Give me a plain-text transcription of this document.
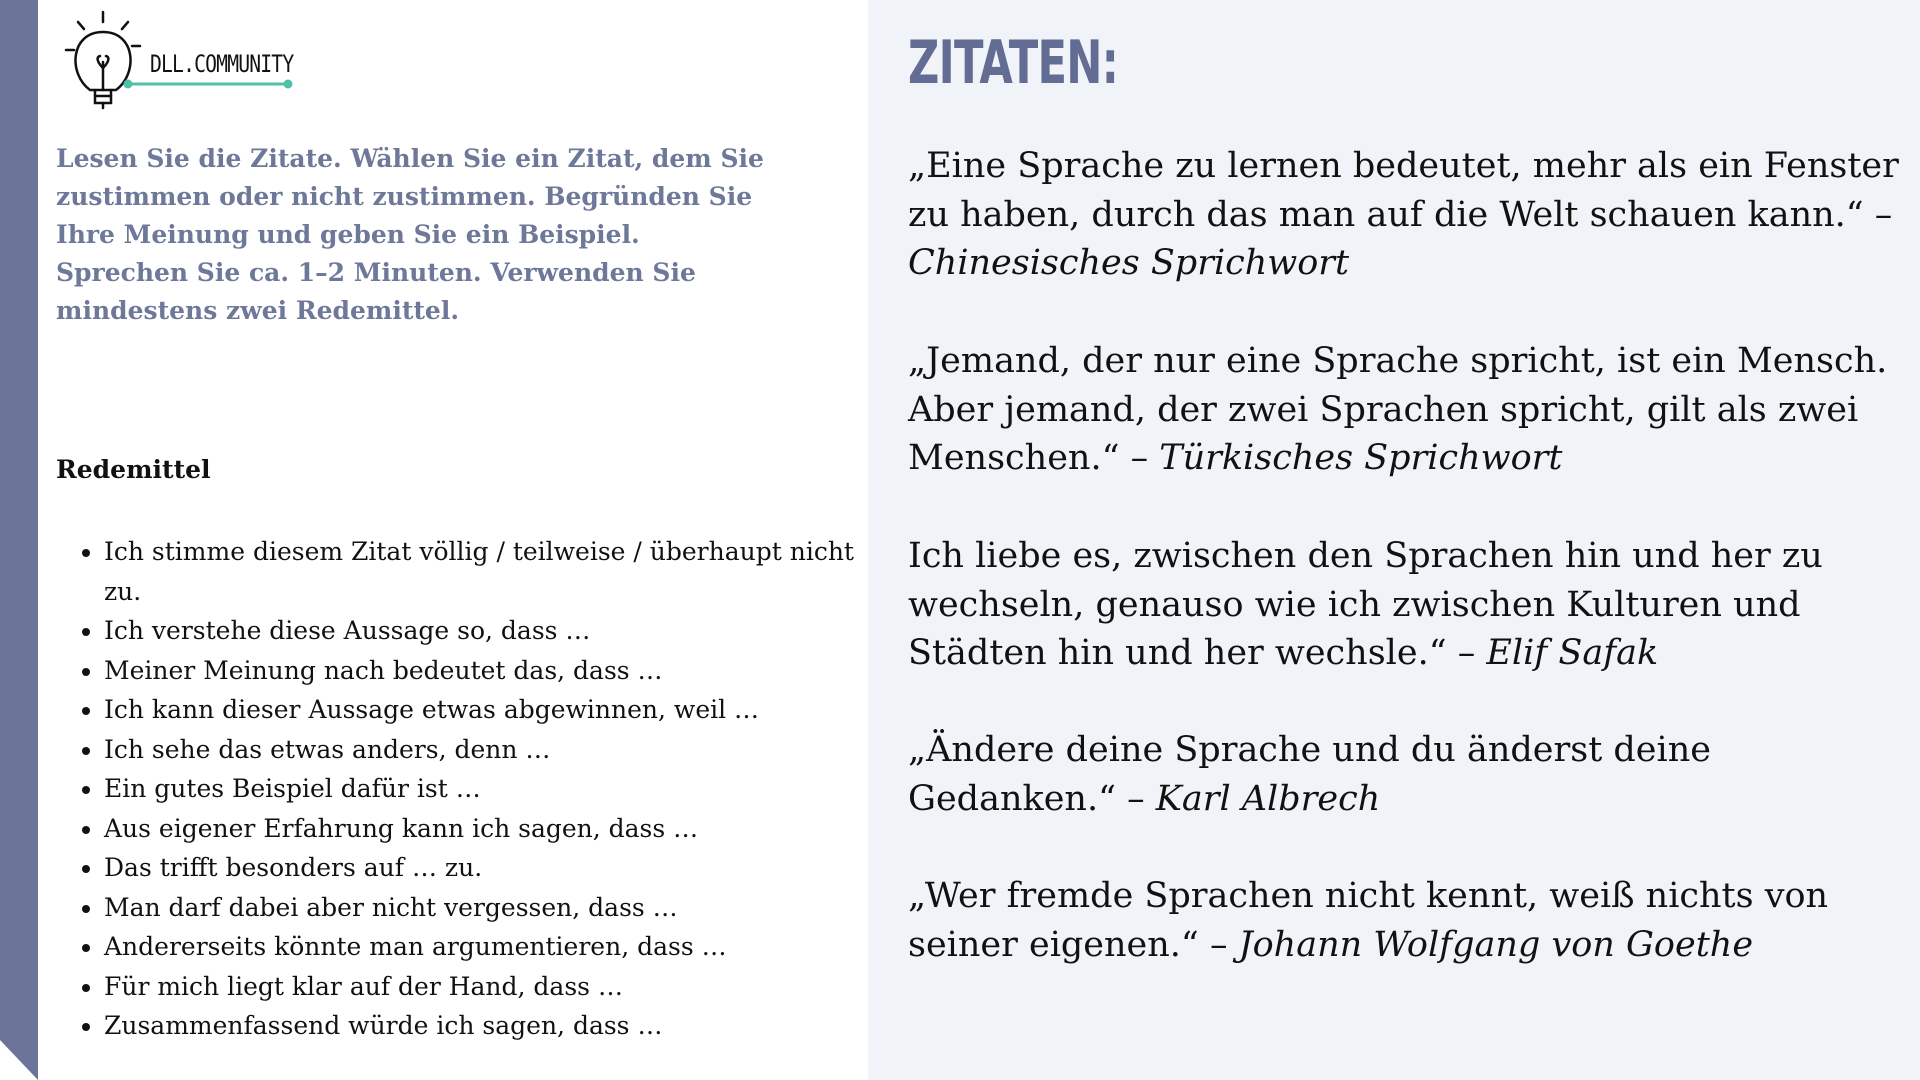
DLL.COMMUNITY

Lesen Sie die Zitate. Wählen Sie ein Zitat, dem Sie zustimmen oder nicht zustimmen. Begründen Sie Ihre Meinung und geben Sie ein Beispiel.

Sprechen Sie ca. 1–2 Minuten. Verwenden Sie mindestens zwei Redemittel.

Redemittel
• Ich stimme diesem Zitat völlig / teilweise / überhaupt nicht zu.
• Ich verstehe diese Aussage so, dass …
• Meiner Meinung nach bedeutet das, dass …
• Ich kann dieser Aussage etwas abgewinnen, weil …
• Ich sehe das etwas anders, denn …
• Ein gutes Beispiel dafür ist …
• Aus eigener Erfahrung kann ich sagen, dass …
• Das trifft besonders auf … zu.
• Man darf dabei aber nicht vergessen, dass …
• Andererseits könnte man argumentieren, dass …
• Für mich liegt klar auf der Hand, dass …
• Zusammenfassend würde ich sagen, dass …
ZITATEN:

„Eine Sprache zu lernen bedeutet, mehr als ein Fenster zu haben, durch das man auf die Welt schauen kann.“ – Chinesisches Sprichwort

„Jemand, der nur eine Sprache spricht, ist ein Mensch. Aber jemand, der zwei Sprachen spricht, gilt als zwei Menschen.“ – Türkisches Sprichwort

Ich liebe es, zwischen den Sprachen hin und her zu wechseln, genauso wie ich zwischen Kulturen und Städten hin und her wechsle.“ – Elif Safak

„Ändere deine Sprache und du änderst deine Gedanken.“ – Karl Albrech

„Wer fremde Sprachen nicht kennt, weiß nichts von seiner eigenen.“ – Johann Wolfgang von Goethe
